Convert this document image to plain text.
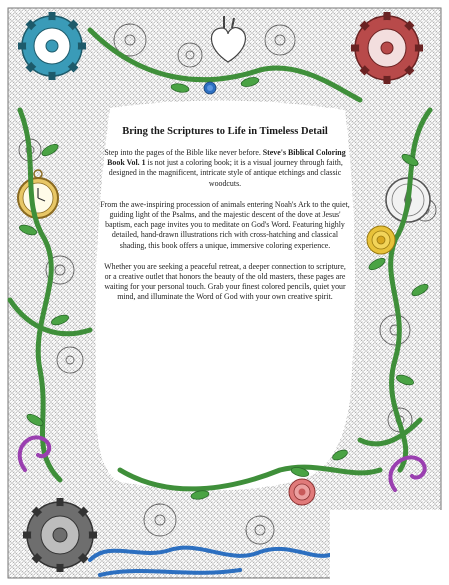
Bring the Scriptures to Life in Timeless Detail

Step into the pages of the Bible like never before. Steve's Biblical Coloring Book Vol. 1 is not just a coloring book; it is a visual journey through faith, designed in the magnificent, intricate style of antique etchings and classic woodcuts.

From the awe-inspiring procession of animals entering Noah's Ark to the quiet, guiding light of the Psalms, and the majestic descent of the dove at Jesus' baptism, each page invites you to meditate on God's Word. Featuring highly detailed, hand-drawn illustrations rich with cross-hatching and classical shading, this book offers a unique, immersive coloring experience.

Whether you are seeking a peaceful retreat, a deeper connection to scripture, or a creative outlet that honors the beauty of the old masters, these pages are waiting for your personal touch. Grab your finest colored pencils, quiet your mind, and illuminate the Word of God with your own creative spirit.
